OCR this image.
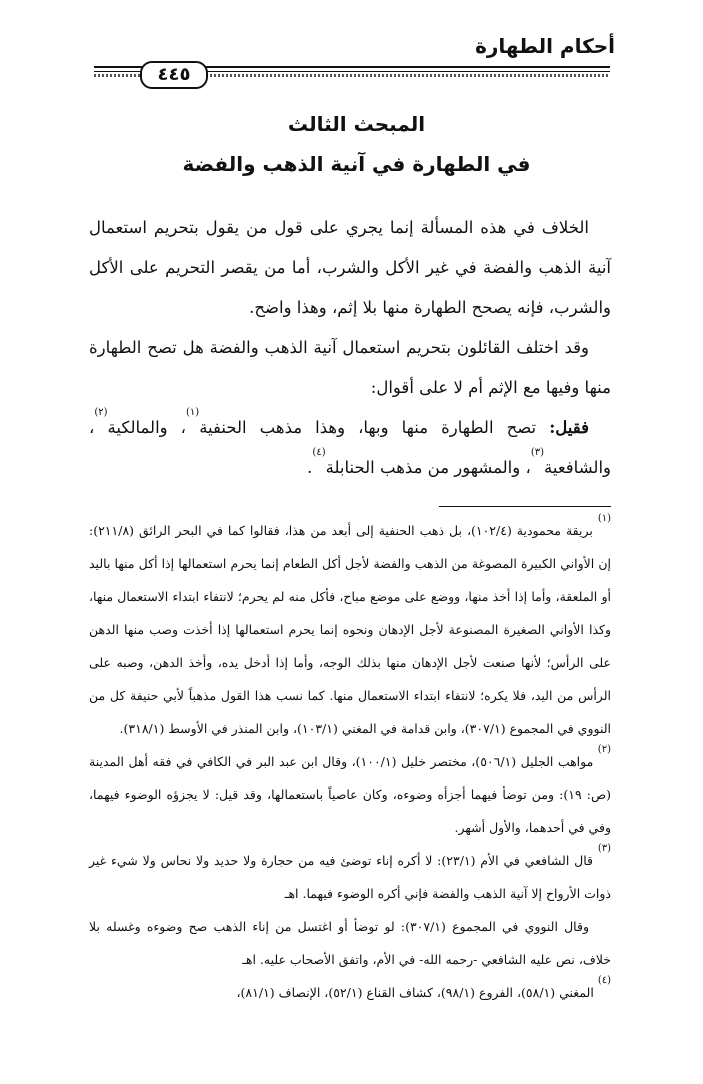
أحكام الطهارة
٤٤٥
المبحث الثالث
في الطهارة في آنية الذهب والفضة

الخلاف في هذه المسألة إنما يجري على قول من يقول بتحريم استعمال آنية الذهب والفضة في غير الأكل والشرب، أما من يقصر التحريم على الأكل والشرب، فإنه يصحح الطهارة منها بلا إثم، وهذا واضح.

وقد اختلف القائلون بتحريم استعمال آنية الذهب والفضة هل تصح الطهارة منها وفيها مع الإثم أم لا على أقوال:

فقيل: تصح الطهارة منها وبها، وهذا مذهب الحنفية$^{(١)}$، والمالكية$^{(٢)}$، والشافعية$^{(٣)}$، والمشهور من مذهب الحنابلة$^{(٤)}$.

$^{(١)}$ بريقة محمودية (١٠٢/٤)، بل ذهب الحنفية إلى أبعد من هذا، فقالوا كما في البحر الرائق (٢١١/٨): إن الأواني الكبيرة المصوغة من الذهب والفضة لأجل أكل الطعام إنما يحرم استعمالها إذا أكل منها باليد أو الملعقة، وأما إذا أخذ منها، ووضع على موضع مباح، فأكل منه لم يحرم؛ لانتفاء ابتداء الاستعمال منها، وكذا الأواني الصغيرة المصنوعة لأجل الإدهان ونحوه إنما يحرم استعمالها إذا أخذت وصب منها الدهن على الرأس؛ لأنها صنعت لأجل الإدهان منها بذلك الوجه، وأما إذا أدخل يده، وأخذ الدهن، وصبه على الرأس من اليد، فلا يكره؛ لانتفاء ابتداء الاستعمال منها. كما نسب هذا القول مذهباً لأبي حنيفة كل من النووي في المجموع (٣٠٧/١)، وابن قدامة في المغني (١٠٣/١)، وابن المنذر في الأوسط (٣١٨/١).

$^{(٢)}$ مواهب الجليل (٥٠٦/١)، مختصر خليل (١٠٠/١)، وقال ابن عبد البر في الكافي في فقه أهل المدينة (ص: ١٩): ومن توضأ فيهما أجزأه وضوءه، وكان عاصياً باستعمالها، وقد قيل: لا يجزؤه الوضوء فيهما، وفي في أحدهما، والأول أشهر.

$^{(٣)}$ قال الشافعي في الأم (٢٣/١): لا أكره إناء توضئ فيه من حجارة ولا حديد ولا نحاس ولا شيء غير ذوات الأرواح إلا آنية الذهب والفضة فإني أكره الوضوء فيهما. اهـ

وقال النووي في المجموع (٣٠٧/١): لو توضأ أو اغتسل من إناء الذهب صح وضوءه وغسله بلا خلاف، نص عليه الشافعي -رحمه الله- في الأم، واتفق الأصحاب عليه. اهـ

$^{(٤)}$ المغني (٥٨/١)، الفروع (٩٨/١)، كشاف القناع (٥٢/١)، الإنصاف (٨١/١)،
